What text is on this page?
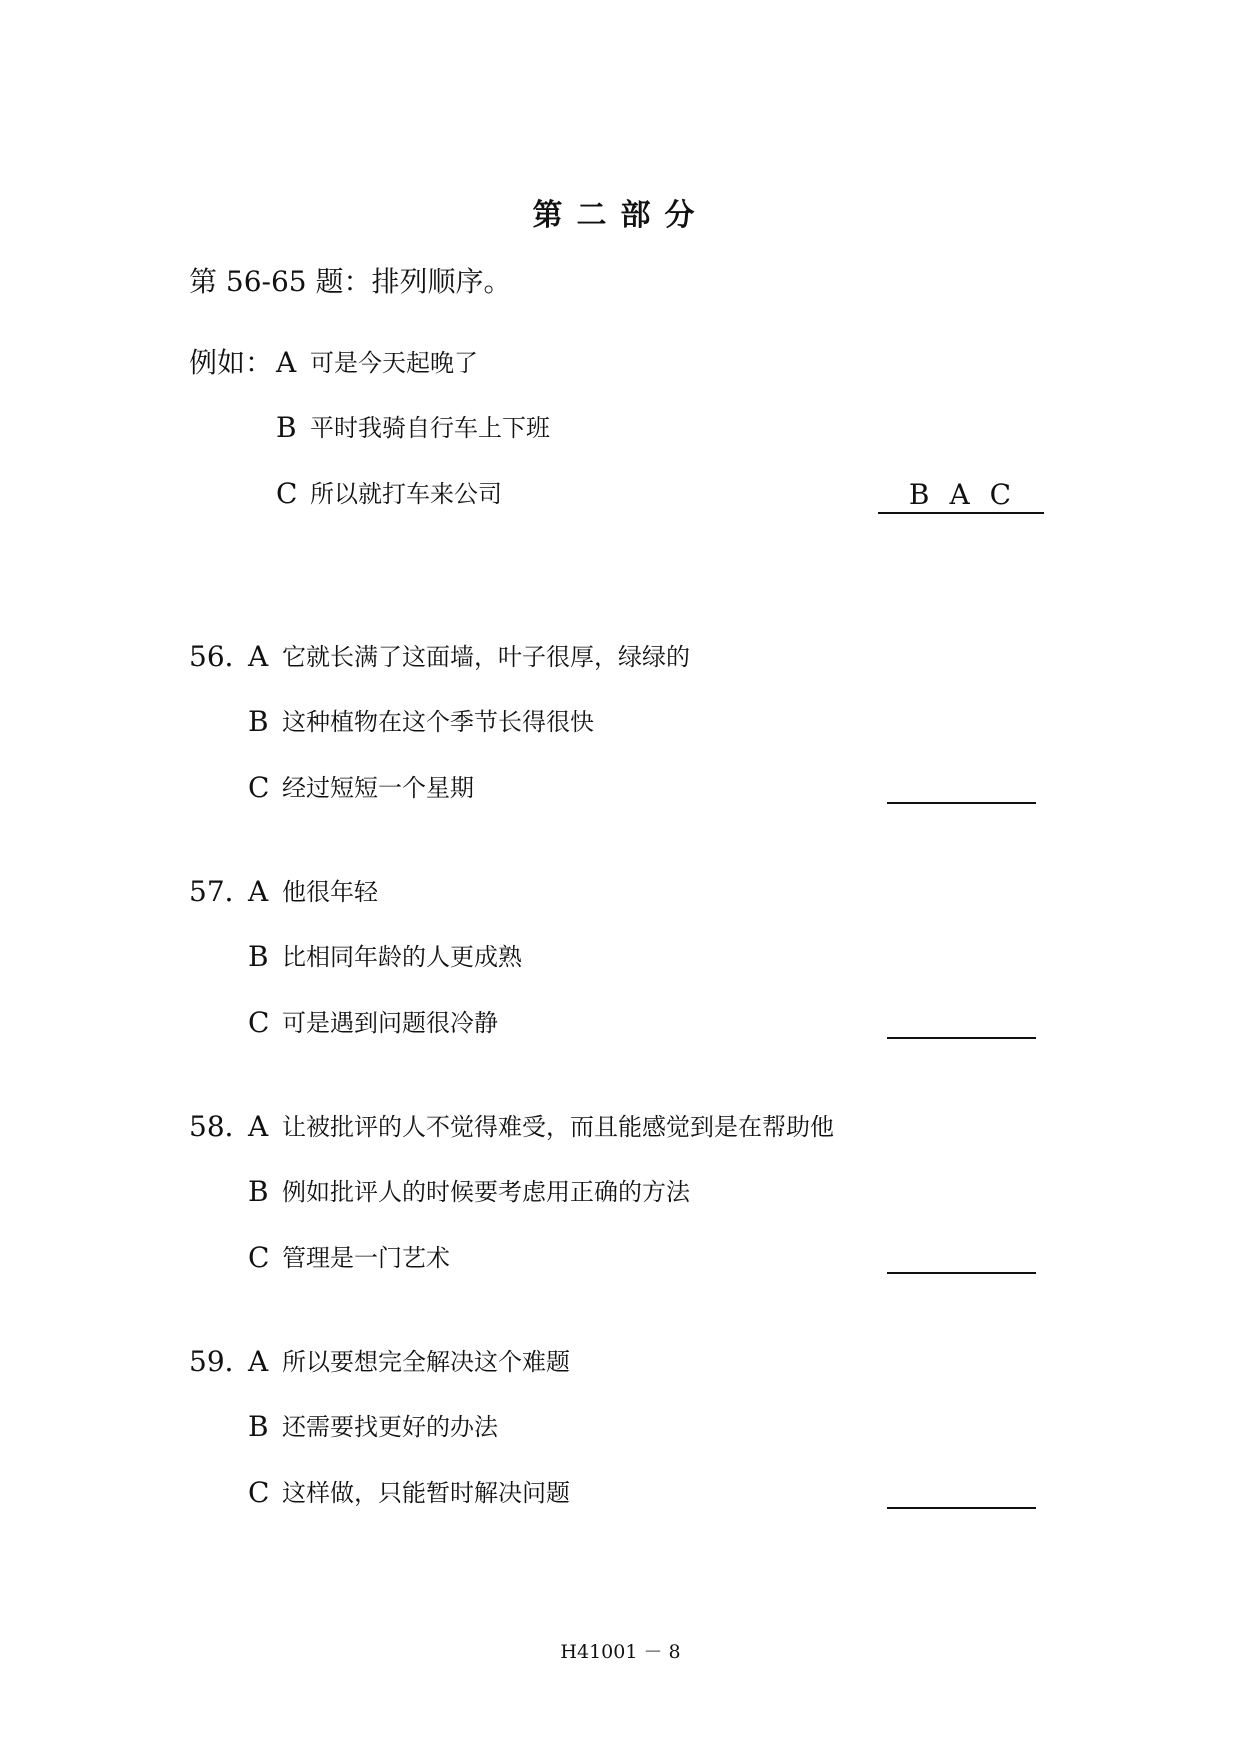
第二部分
第 56-65 题：排列顺序。
例如： A 可是今天起晚了
B 平时我骑自行车上下班
C 所以就打车来公司	BAC
56．
A 它就长满了这面墙，叶子很厚，绿绿的
B 这种植物在这个季节长得很快
C 经过短短一个星期
57．
A 他很年轻
B 比相同年龄的人更成熟
C 可是遇到问题很冷静
58．
A 让被批评的人不觉得难受，而且能感觉到是在帮助他
B 例如批评人的时候要考虑用正确的方法
C 管理是一门艺术
59．
A 所以要想完全解决这个难题
B 还需要找更好的办法
C 这样做，只能暂时解决问题
H41001 － 8
